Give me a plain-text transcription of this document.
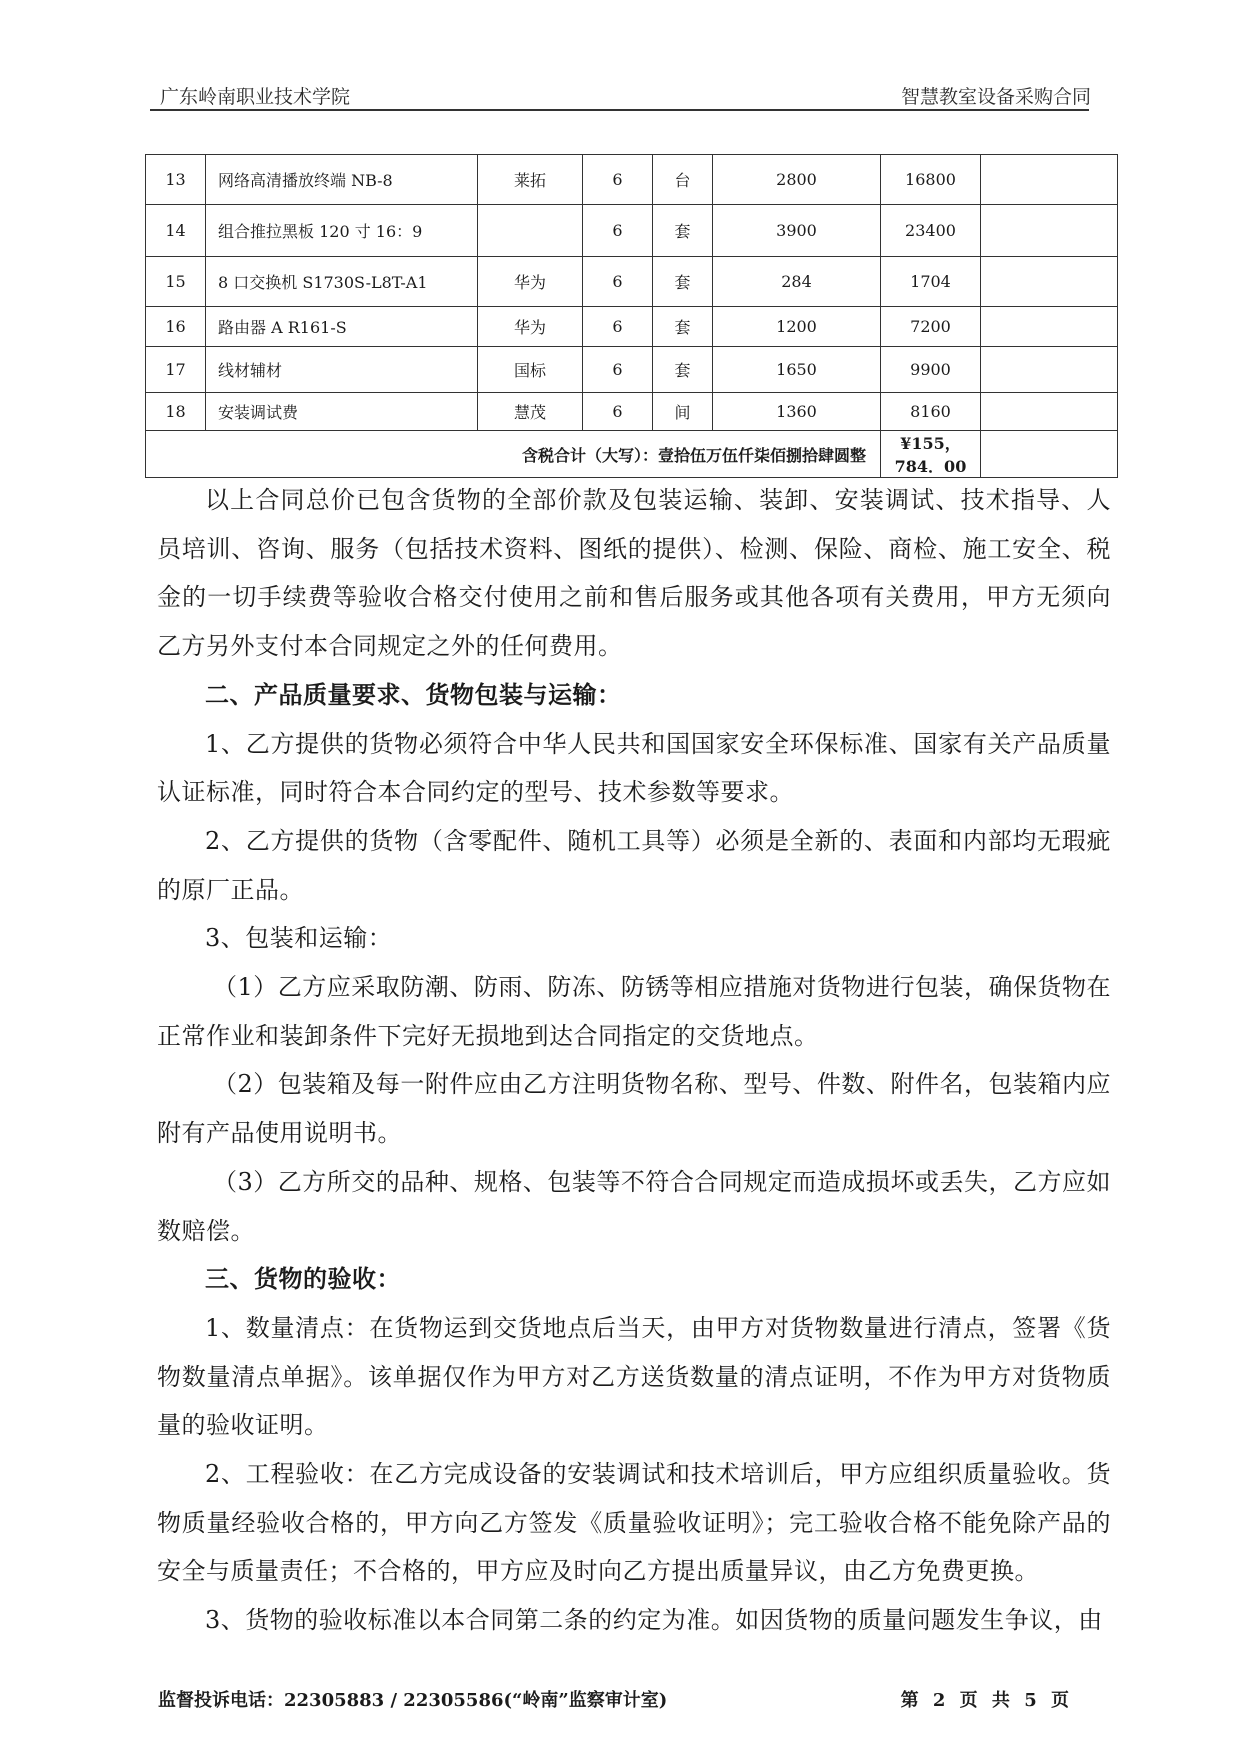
广东岭南职业技术学院	智慧教室设备采购合同
13	网络高清播放终端 NB-8	莱拓	6	台	2800	16800	
14	组合推拉黑板 120 寸 16：9		6	套	3900	23400	
15	8 口交换机 S1730S-L8T-A1	华为	6	套	284	1704	
16	路由器 A R161-S	华为	6	套	1200	7200	
17	线材辅材	国标	6	套	1650	9900	
18	安装调试费	慧茂	6	间	1360	8160	
含税合计（大写）：壹拾伍万伍仟柒佰捌拾肆圆整						¥155，784．00	

以上合同总价已包含货物的全部价款及包装运输、装卸、安装调试、技术指导、人员培训、咨询、服务（包括技术资料、图纸的提供）、检测、保险、商检、施工安全、税金的一切手续费等验收合格交付使用之前和售后服务或其他各项有关费用，甲方无须向乙方另外支付本合同规定之外的任何费用。

二、产品质量要求、货物包装与运输：

1、乙方提供的货物必须符合中华人民共和国国家安全环保标准、国家有关产品质量认证标准，同时符合本合同约定的型号、技术参数等要求。

2、乙方提供的货物（含零配件、随机工具等）必须是全新的、表面和内部均无瑕疵的原厂正品。

3、包装和运输：

（1）乙方应采取防潮、防雨、防冻、防锈等相应措施对货物进行包装，确保货物在正常作业和装卸条件下完好无损地到达合同指定的交货地点。

（2）包装箱及每一附件应由乙方注明货物名称、型号、件数、附件名，包装箱内应附有产品使用说明书。

（3）乙方所交的品种、规格、包装等不符合合同规定而造成损坏或丢失，乙方应如数赔偿。

三、货物的验收：

1、数量清点：在货物运到交货地点后当天，由甲方对货物数量进行清点，签署《货物数量清点单据》。该单据仅作为甲方对乙方送货数量的清点证明，不作为甲方对货物质量的验收证明。

2、工程验收：在乙方完成设备的安装调试和技术培训后，甲方应组织质量验收。货物质量经验收合格的，甲方向乙方签发《质量验收证明》；完工验收合格不能免除产品的安全与质量责任；不合格的，甲方应及时向乙方提出质量异议，由乙方免费更换。

3、货物的验收标准以本合同第二条的约定为准。如因货物的质量问题发生争议，由

监督投诉电话：22305883 / 22305586(“岭南”监察审计室)	第 2 页 共 5 页
